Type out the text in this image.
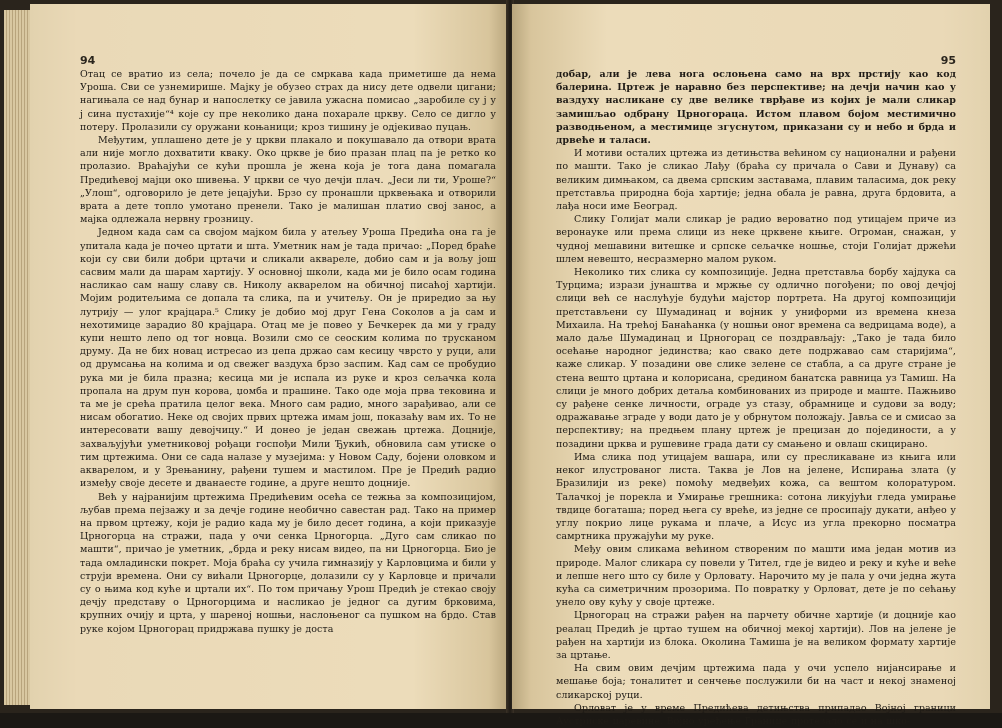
94

Отац се вратио из села; почело је да се смркава када приметише да нема Уроша. Сви се узнемирише. Мајку је обузео страх да нису дете одвели цигани; нагињала се над бунар и напослетку се јавила ужасна помисао „заробиле су ј у ј сина пустахије“⁴ које су пре неколико дана похарале цркву. Село се дигло у потеру. Пролазили су оружани коњаници; кроз тишину је одјекивао пуцањ.

Међутим, уплашено дете је у цркви плакало и покушавало да отвори врата али није могло дохватити кваку. Око цркве је био празан плац па је ретко ко пролазио. Враћајући се кући прошла је жена која је тога дана помагала Предићевој мајци око шивења. У цркви се чуо дечји плач. „Јеси ли ти, Уроше?“ „Улош“, одговорило је дете јецајући. Брзо су пронашли црквењака и отворили врата а дете топло умотано пренели. Тако је малишан платио свој занос, а мајка одлежала нервну грозницу.

Једном када сам са својом мајком била у атељеу Уроша Предића она га је упитала када је почео цртати и шта. Уметник нам је тада причао: „Поред браће који су сви били добри цртачи и сликали акварелe, добио сам и ја вољу још сасвим мали да шарам хартију. У основној школи, када ми је било осам година насликао сам нашу славу св. Николу акварелом на обичној писаћој хартији. Мојим родитељима се допала та слика, па и учитељу. Он је приредио за њу лутрију — улог крајцара.⁵ Слику је добио мој друг Гена Соколов а ја сам и нехотимице зарадио 80 крајцара. Отац ме је повео у Бечкерек да ми у граду купи нешто лепо од тог новца. Возили смо се сеоским колима по трусканом друму. Да не бих новац истресао из џепа држао сам кесицу чврсто у руци, али од друмсања на колима и од свежег ваздуха брзо заспим. Кад сам се пробудио рука ми је била празна; кесица ми је испала из руке и кроз сељачка кола пропала на друм пун корова, џомба и прашине. Тако оде моја прва тековина и та ме је срећа пратила целог века. Много сам радио, много зарађивао, али се нисам обогатио. Неке од својих првих цртежа имам још, показаћу вам их. То не интересовати вашу девојчицу.“ И донео је један свежањ цртежа. Доцније, захваљујући уметниковој рођаци госпођи Мили Ђукић, обновила сам утиске о тим цртежима. Они се сада налазе у музејима: у Новом Саду, бојени оловком и акварелом, и у Зрењанину, рађени тушем и мастилом. Пре је Предић радио између своје десете и дванаесте године, а друге нешто доцније.

Већ у најранијим цртежима Предићевим осећа се тежња за композицијом, љубав према пејзажу и за дечје године необично савестан рад. Тако на пример на првом цртежу, који је радио када му је било десет година, а који приказује Црногорца на стражи, пада у очи сенка Црногорца. „Дуго сам сликао по машти“, причао је уметник, „брда и реку нисам видео, па ни Црногорца. Био је тада омладински покрет. Моја браћа су учила гимназију у Карловцима и били у струји времена. Они су вићали Црногорце, долазили су у Карловце и причали су о њима код куће и цртали их“. По том причању Урош Предић је стекао своју дечју представу о Црногорцима и насликао је једног са дугим брковима, крупних очију и црта, у шареној ношњи, наслоњеног са пушком на брдо. Став руке којом Црногорац придржава пушку је доста

95

добар, али је лева нога ослоњена само на врх прстију као код балерина. Цртеж је наравно без перспективе; на дечји начин као у ваздуху насликане су две велике тврђаве из којих је мали сликар замишљао одбрану Црногораца. Истом плавом бојом местимично разводњеном, а местимице згуснутом, приказани су и небо и брда и дрвеће и таласи.

И мотиви осталих цртежа из детињства већином су национални и рађени по машти. Тако је сликао Лађу (браћа су причала о Сави и Дунаву) са великим димњаком, са двема српским заставама, плавим таласима, док реку претставља природна боја хартије; једна обала је равна, друга брдовита, а лађа носи име Београд.

Слику Голијат мали сликар је радио вероватно под утицајем приче из веронауке или према слици из неке црквене књиге. Огроман, снажан, у чудној мешавини витешке и српске сељачке ношње, стоји Голијат држећи шлем невешто, несразмерно малом руком.

Неколико тих слика су композиције. Једна претставља борбу хајдука са Турцима; изрази јунаштва и мржње су одлично погођени; по овој дечјој слици већ се наслућује будући мајстор портрета. На другој композицији претстављени су Шумадинац и војник у униформи из времена кнеза Михаила. На трећој Банаћанка (у ношњи оног времена са ведрицама воде), а мало даље Шумадинац и Црногорац се поздрављају: „Тако је тада било осећање народног јединства; као свако дете подржавао сам старијима“, каже сликар. У позадини ове слике зелене се стабла, а са друге стране је стена вешто цртана и колорисана, средином банатска равница уз Тамиш. На слици је много добрих детаља комбинованих из природе и маште. Пажњиво су рађене сенке личности, ограде уз стазу, обрамнице и судови за воду; одражавање зграде у води дато је у обрнутом положају. Јављa се и смисао за перспективу; на предњем плану цртеж је прецизан до појединости, а у позадини црква и рушевине града дати су смањено и овлаш скицирано.

Има слика под утицајем вашара, или су пресликаване из књига или неког илустрованог листа. Таква је Лов на јелене, Испирања злата (у Бразилији из реке) помоћу медвеђих кожа, са вештом колоратуром. Талачкој је порекла и Умирање грешника: сотона ликујући гледа умирање твдице богаташа; поред њега су вреће, из једне се просипају дукати, анђео у углу покрио лице рукама и плаче, а Исус из угла прекорно посматра самртника пружајући му руке.

Међу овим сликама већином створеним по машти има један мотив из природе. Малог сликара су повели у Тител, где је видео и реку и куће и веће и лепше него што су биле у Орловату. Нарочито му је пала у очи једна жута кућа са симетричним прозорима. По повратку у Орловат, дете је по сећању унело ову кућу у своје цртеже.

Црногорац на стражи рађен на парчету обичне хартије (и доцније као реалац Предић је цртао тушем на обичној мекој хартији). Лов на јелене је рађен на хартији из блока. Околина Тамиша је на великом формату хартије за цртање.

На свим овим дечјим цртежима пада у очи успело нијансирање и мешање боја; тоналитет и сенчење послужили би на част и некој знаменој сликарској руци.

Орловат је у време Предићева детињства припадао Војној граници Аустриске царевине. Војно уређење Границе протезало се и на шко-
